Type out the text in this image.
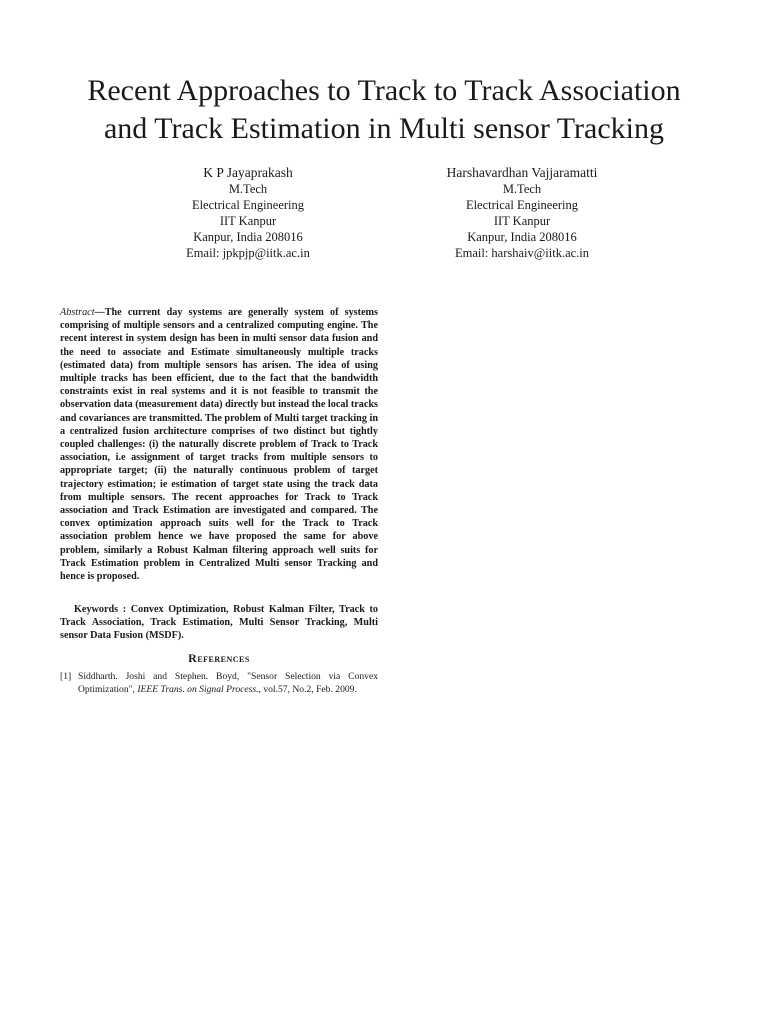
Recent Approaches to Track to Track Association
and Track Estimation in Multi sensor Tracking
K P Jayaprakash
M.Tech
Electrical Engineering
IIT Kanpur
Kanpur, India 208016
Email: jpkpjp@iitk.ac.in
Harshavardhan Vajjaramatti
M.Tech
Electrical Engineering
IIT Kanpur
Kanpur, India 208016
Email: harshaiv@iitk.ac.in

Abstract—The current day systems are generally system of systems comprising of multiple sensors and a centralized computing engine. The recent interest in system design has been in multi sensor data fusion and the need to associate and Estimate simultaneously multiple tracks (estimated data) from multiple sensors has arisen. The idea of using multiple tracks has been efficient, due to the fact that the bandwidth constraints exist in real systems and it is not feasible to transmit the observation data (measurement data) directly but instead the local tracks and covariances are transmitted. The problem of Multi target tracking in a centralized fusion architecture comprises of two distinct but tightly coupled challenges: (i) the naturally discrete problem of Track to Track association, i.e assignment of target tracks from multiple sensors to appropriate target; (ii) the naturally continuous problem of target trajectory estimation; ie estimation of target state using the track data from multiple sensors. The recent approaches for Track to Track association and Track Estimation are investigated and compared. The convex optimization approach suits well for the Track to Track association problem hence we have proposed the same for above problem, similarly a Robust Kalman filtering approach well suits for Track Estimation problem in Centralized Multi sensor Tracking and hence is proposed.

Keywords : Convex Optimization, Robust Kalman Filter, Track to Track Association, Track Estimation, Multi Sensor Tracking, Multi sensor Data Fusion (MSDF).

References
[1] Siddharth. Joshi and Stephen. Boyd, "Sensor Selection via Convex Optimization", IEEE Trans. on Signal Process., vol.57, No.2, Feb. 2009.
